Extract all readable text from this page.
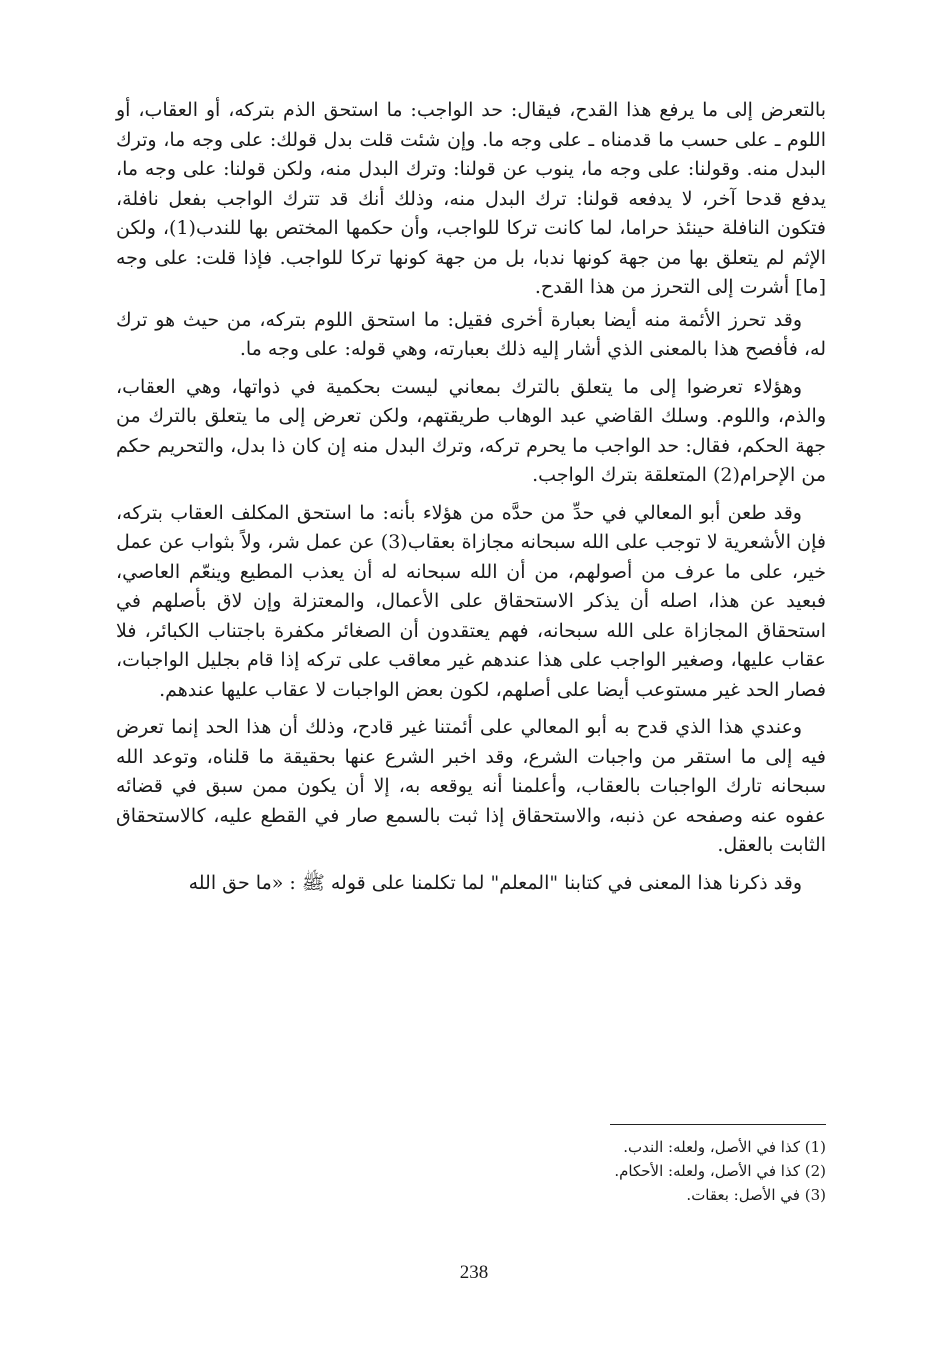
بالتعرض إلى ما يرفع هذا القدح، فيقال: حد الواجب: ما استحق الذم بتركه، أو العقاب، أو اللوم ـ على حسب ما قدمناه ـ على وجه ما. وإن شئت قلت بدل قولك: على وجه ما، وترك البدل منه. وقولنا: على وجه ما، ينوب عن قولنا: وترك البدل منه، ولكن قولنا: على وجه ما، يدفع قدحا آخر، لا يدفعه قولنا: ترك البدل منه، وذلك أنك قد تترك الواجب بفعل نافلة، فتكون النافلة حينئذ حراما، لما كانت تركا للواجب، وأن حكمها المختص بها للندب(1)، ولكن الإثم لم يتعلق بها من جهة كونها ندبا، بل من جهة كونها تركا للواجب. فإذا قلت: على وجه [ما] أشرت إلى التحرز من هذا القدح.

وقد تحرز الأئمة منه أيضا بعبارة أخرى فقيل: ما استحق اللوم بتركه، من حيث هو ترك له، فأفصح هذا بالمعنى الذي أشار إليه ذلك بعبارته، وهي قوله: على وجه ما.

وهؤلاء تعرضوا إلى ما يتعلق بالترك بمعاني ليست بحكمية في ذواتها، وهي العقاب، والذم، واللوم. وسلك القاضي عبد الوهاب طريقتهم، ولكن تعرض إلى ما يتعلق بالترك من جهة الحكم، فقال: حد الواجب ما يحرم تركه، وترك البدل منه إن كان ذا بدل، والتحريم حكم من الإحرام(2) المتعلقة بترك الواجب.

وقد طعن أبو المعالي في حدِّ من حدَّه من هؤلاء بأنه: ما استحق المكلف العقاب بتركه، فإن الأشعرية لا توجب على الله سبحانه مجازاة بعقاب(3) عن عمل شر، ولاً بثواب عن عمل خير، على ما عرف من أصولهم، من أن الله سبحانه له أن يعذب المطيع وينعّم العاصي، فبعيد عن هذا، اصله أن يذكر الاستحقاق على الأعمال، والمعتزلة وإن لاق بأصلهم في استحقاق المجازاة على الله سبحانه، فهم يعتقدون أن الصغائر مكفرة باجتناب الكبائر، فلا عقاب عليها، وصغير الواجب على هذا عندهم غير معاقب على تركه إذا قام بجليل الواجبات، فصار الحد غير مستوعب أيضا على أصلهم، لكون بعض الواجبات لا عقاب عليها عندهم.

وعندي هذا الذي قدح به أبو المعالي على أئمتنا غير قادح، وذلك أن هذا الحد إنما تعرض فيه إلى ما استقر من واجبات الشرع، وقد اخبر الشرع عنها بحقيقة ما قلناه، وتوعد الله سبحانه تارك الواجبات بالعقاب، وأعلمنا أنه يوقعه به، إلا أن يكون ممن سبق في قضائه عفوه عنه وصفحه عن ذنبه، والاستحقاق إذا ثبت بالسمع صار في القطع عليه، كالاستحقاق الثابت بالعقل.

وقد ذكرنا هذا المعنى في كتابنا "المعلم" لما تكلمنا على قوله ﷺ : «ما حق الله

(1) كذا في الأصل، ولعله: الندب.
(2) كذا في الأصل، ولعله: الأحكام.
(3) في الأصل: بعقات.
238
